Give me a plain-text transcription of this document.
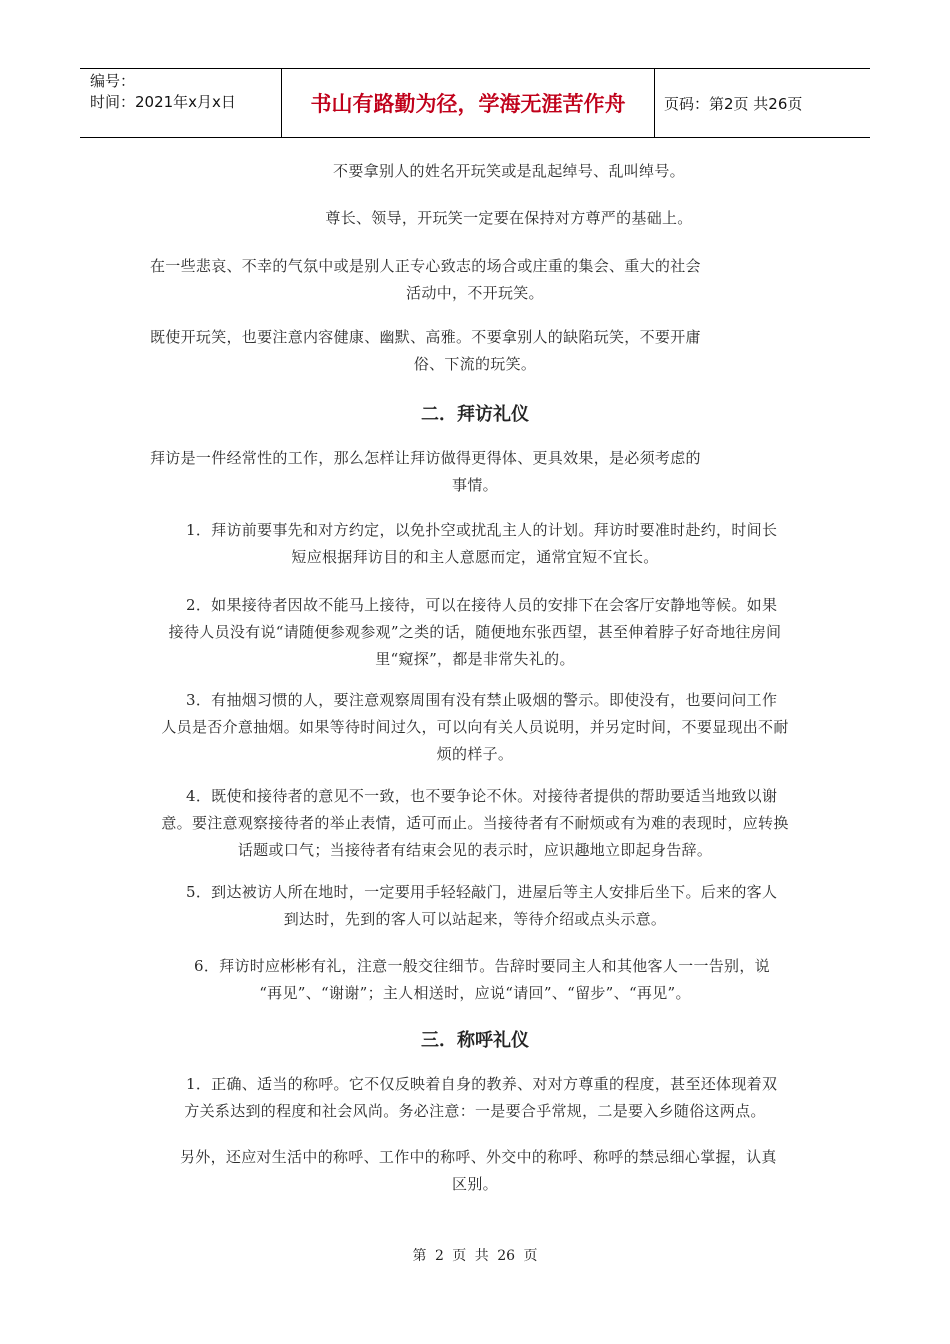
编号：
时间：2021年x月x日	书山有路勤为径，学海无涯苦作舟	页码：第2页 共26页
不要拿别人的姓名开玩笑或是乱起绰号、乱叫绰号。
尊长、领导，开玩笑一定要在保持对方尊严的基础上。
在一些悲哀、不幸的气氛中或是别人正专心致志的场合或庄重的集会、重大的社会
活动中，不开玩笑。
既使开玩笑，也要注意内容健康、幽默、高雅。不要拿别人的缺陷玩笑，不要开庸
俗、下流的玩笑。
二．拜访礼仪
拜访是一件经常性的工作，那么怎样让拜访做得更得体、更具效果，是必须考虑的
事情。
1．拜访前要事先和对方约定，以免扑空或扰乱主人的计划。拜访时要准时赴约，时间长
短应根据拜访目的和主人意愿而定，通常宜短不宜长。
2．如果接待者因故不能马上接待，可以在接待人员的安排下在会客厅安静地等候。如果
接待人员没有说“请随便参观参观”之类的话，随便地东张西望，甚至伸着脖子好奇地往房间
里“窥探”，都是非常失礼的。
3．有抽烟习惯的人，要注意观察周围有没有禁止吸烟的警示。即使没有，也要问问工作
人员是否介意抽烟。如果等待时间过久，可以向有关人员说明，并另定时间，不要显现出不耐
烦的样子。
4．既使和接待者的意见不一致，也不要争论不休。对接待者提供的帮助要适当地致以谢
意。要注意观察接待者的举止表情，适可而止。当接待者有不耐烦或有为难的表现时，应转换
话题或口气；当接待者有结束会见的表示时，应识趣地立即起身告辞。
5．到达被访人所在地时，一定要用手轻轻敲门，进屋后等主人安排后坐下。后来的客人
到达时，先到的客人可以站起来，等待介绍或点头示意。
6．拜访时应彬彬有礼，注意一般交往细节。告辞时要同主人和其他客人一一告别，说
“再见”、“谢谢”；主人相送时，应说“请回”、“留步”、“再见”。
三．称呼礼仪
1．正确、适当的称呼。它不仅反映着自身的教养、对对方尊重的程度，甚至还体现着双
方关系达到的程度和社会风尚。务必注意：一是要合乎常规，二是要入乡随俗这两点。
另外，还应对生活中的称呼、工作中的称呼、外交中的称呼、称呼的禁忌细心掌握，认真
区别。
第 2 页 共 26 页
